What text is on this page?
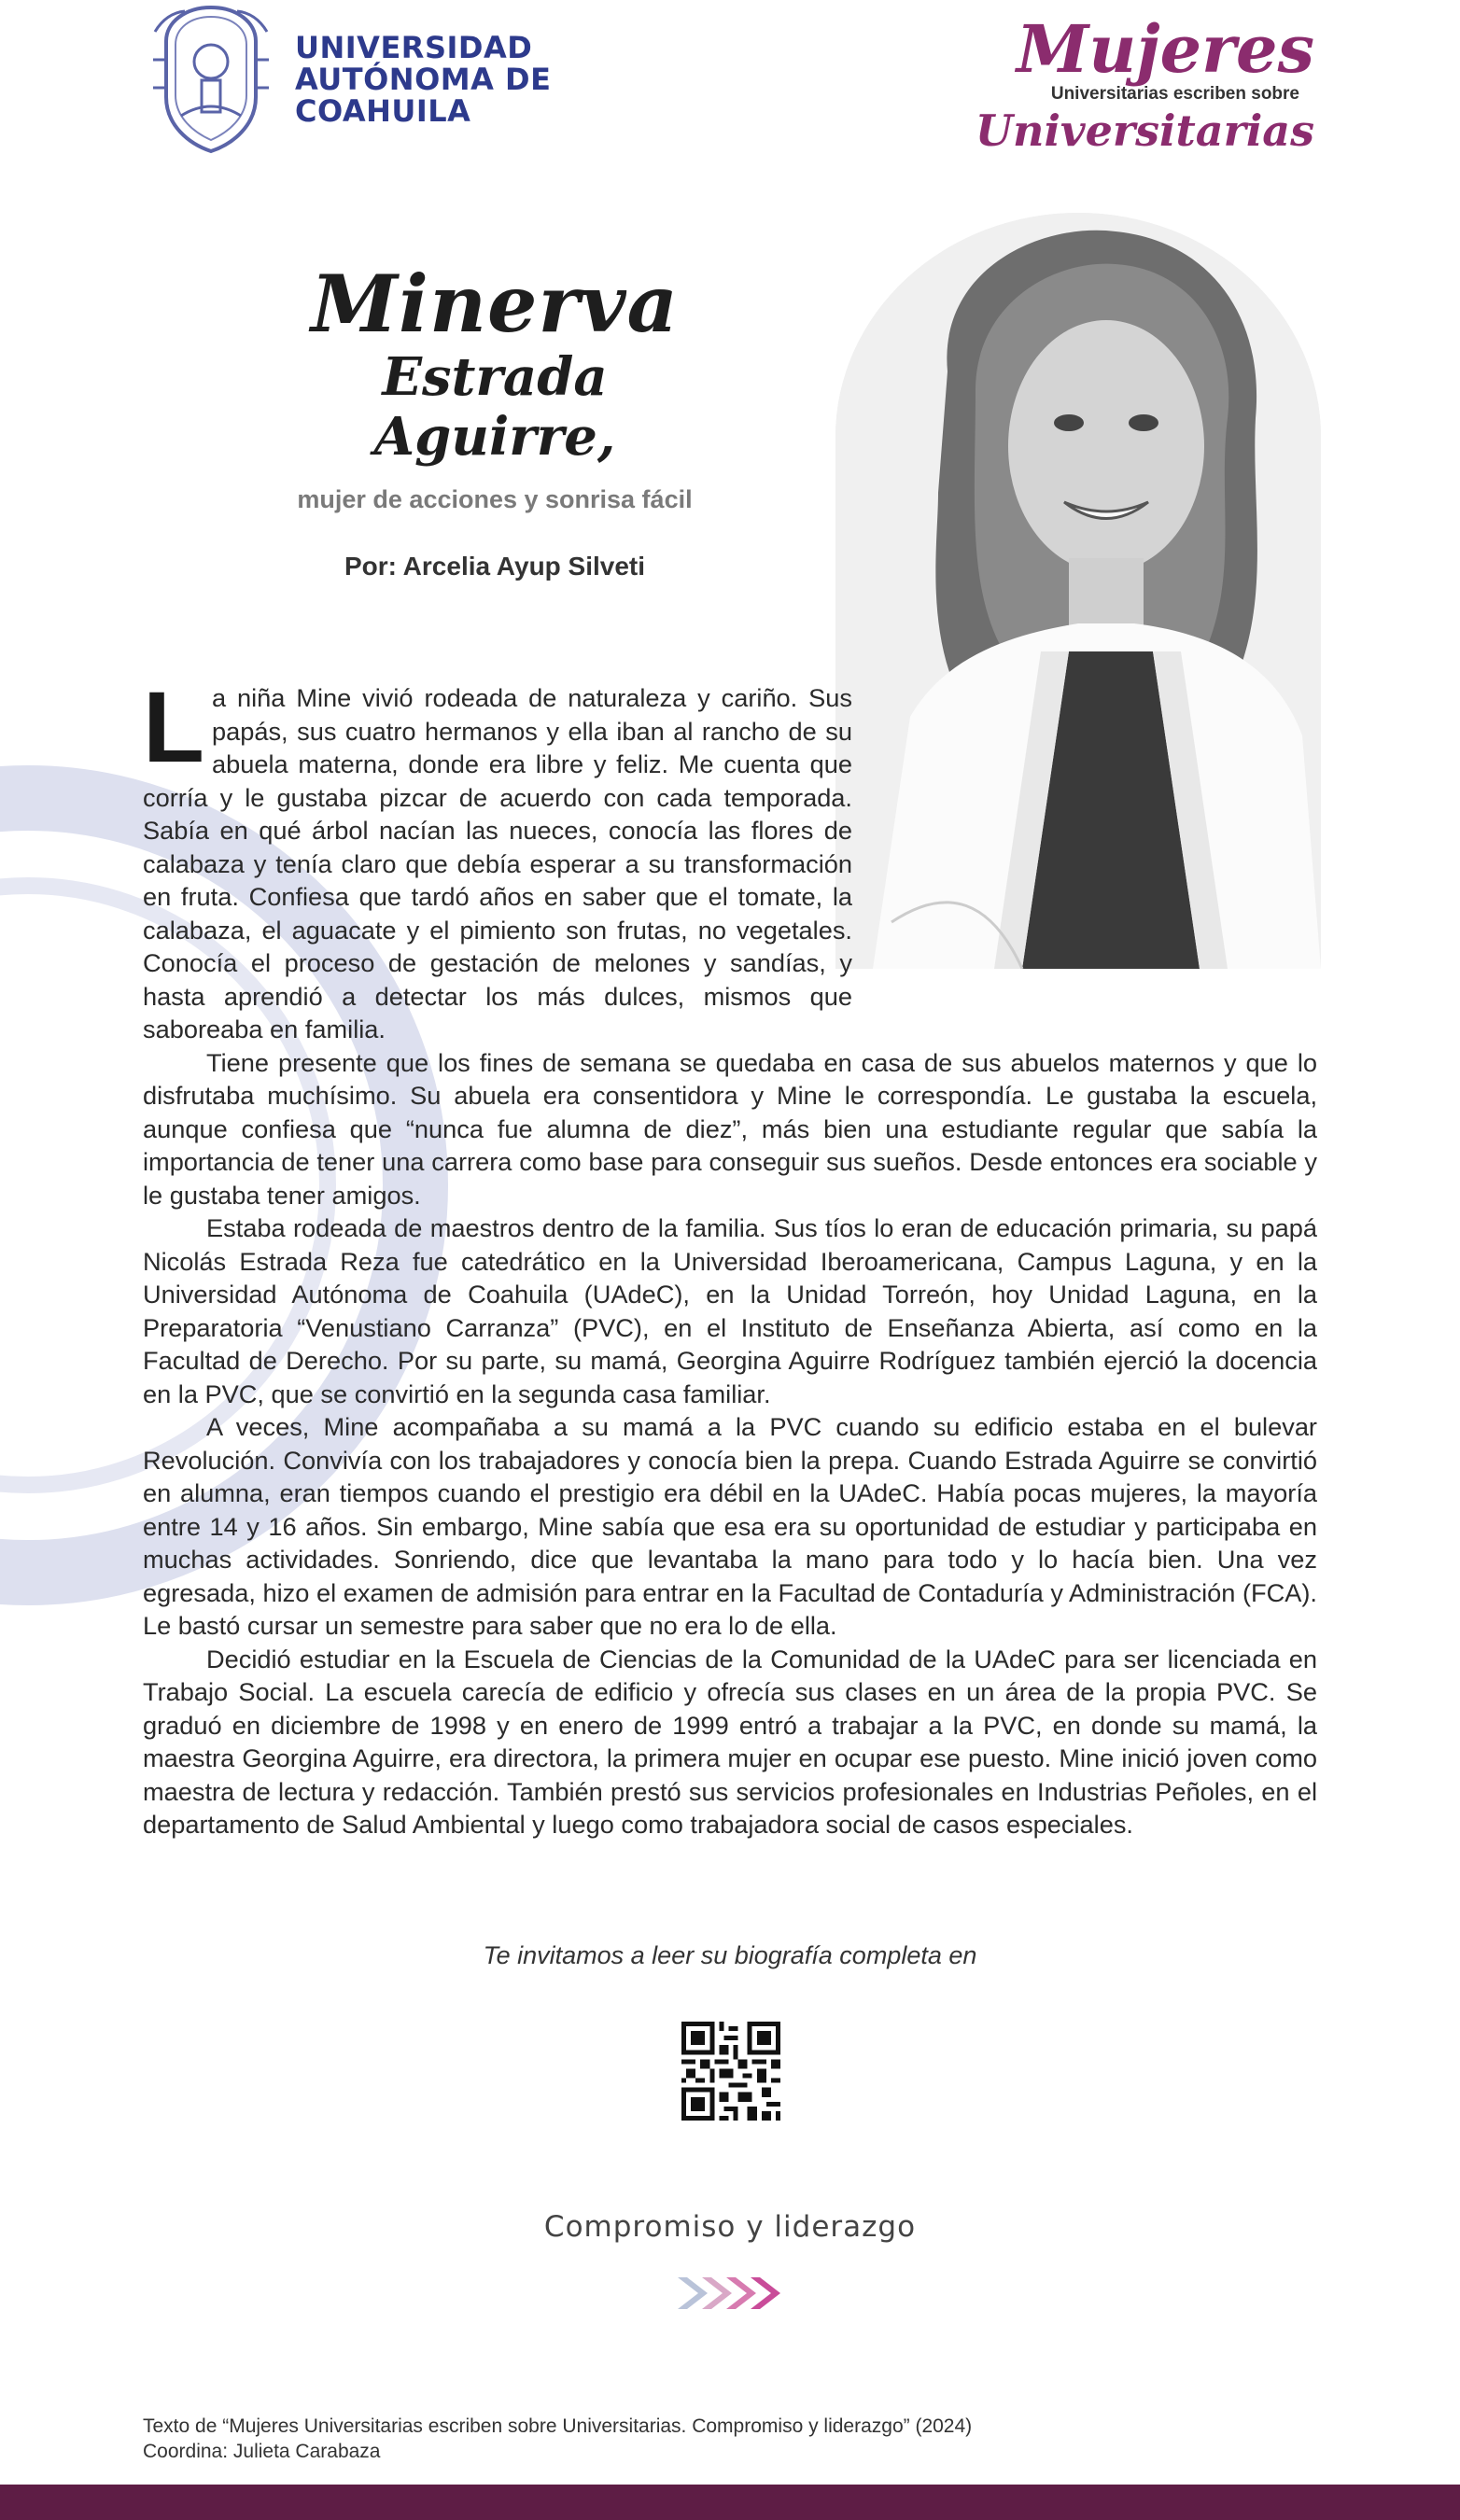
UNIVERSIDAD
AUTÓNOMA DE
COAHUILA
Mujeres
Universitarias escriben sobre
Universitarias
Minerva
Estrada Aguirre,
mujer de acciones y sonrisa fácil
Por: Arcelia Ayup Silveti

La niña Mine vivió rodeada de naturaleza y cariño. Sus papás, sus cuatro hermanos y ella iban al rancho de su abuela materna, donde era libre y feliz. Me cuenta que corría y le gustaba pizcar de acuerdo con cada temporada. Sabía en qué árbol nacían las nueces, conocía las flores de calabaza y tenía claro que debía esperar a su transformación en fruta. Confiesa que tardó años en saber que el tomate, la calabaza, el aguacate y el pimiento son frutas, no vegetales. Conocía el proceso de gestación de melones y sandías, y hasta aprendió a detectar los más dulces, mismos que saboreaba en familia.

Tiene presente que los fines de semana se quedaba en casa de sus abuelos maternos y que lo disfrutaba muchísimo. Su abuela era consentidora y Mine le correspondía. Le gustaba la escuela, aunque confiesa que “nunca fue alumna de diez”, más bien una estudiante regular que sabía la importancia de tener una carrera como base para conseguir sus sueños. Desde entonces era sociable y le gustaba tener amigos.

Estaba rodeada de maestros dentro de la familia. Sus tíos lo eran de educación primaria, su papá Nicolás Estrada Reza fue catedrático en la Universidad Iberoamericana, Campus Laguna, y en la Universidad Autónoma de Coahuila (UAdeC), en la Unidad Torreón, hoy Unidad Laguna, en la Preparatoria “Venustiano Carranza” (PVC), en el Instituto de Enseñanza Abierta, así como en la Facultad de Derecho. Por su parte, su mamá, Georgina Aguirre Rodríguez también ejerció la docencia en la PVC, que se convirtió en la segunda casa familiar.

A veces, Mine acompañaba a su mamá a la PVC cuando su edificio estaba en el bulevar Revolución. Convivía con los trabajadores y conocía bien la prepa. Cuando Estrada Aguirre se convirtió en alumna, eran tiempos cuando el prestigio era débil en la UAdeC. Había pocas mujeres, la mayoría entre 14 y 16 años. Sin embargo, Mine sabía que esa era su oportunidad de estudiar y participaba en muchas actividades. Sonriendo, dice que levantaba la mano para todo y lo hacía bien. Una vez egresada, hizo el examen de admisión para entrar en la Facultad de Contaduría y Administración (FCA). Le bastó cursar un semestre para saber que no era lo de ella.

Decidió estudiar en la Escuela de Ciencias de la Comunidad de la UAdeC para ser licenciada en Trabajo Social. La escuela carecía de edificio y ofrecía sus clases en un área de la propia PVC. Se graduó en diciembre de 1998 y en enero de 1999 entró a trabajar a la PVC, en donde su mamá, la maestra Georgina Aguirre, era directora, la primera mujer en ocupar ese puesto. Mine inició joven como maestra de lectura y redacción. También prestó sus servicios profesionales en Industrias Peñoles, en el departamento de Salud Ambiental y luego como trabajadora social de casos especiales.

Te invitamos a leer su biografía completa en
Compromiso y liderazgo
Texto de “Mujeres Universitarias escriben sobre Universitarias. Compromiso y liderazgo” (2024)
Coordina: Julieta Carabaza
